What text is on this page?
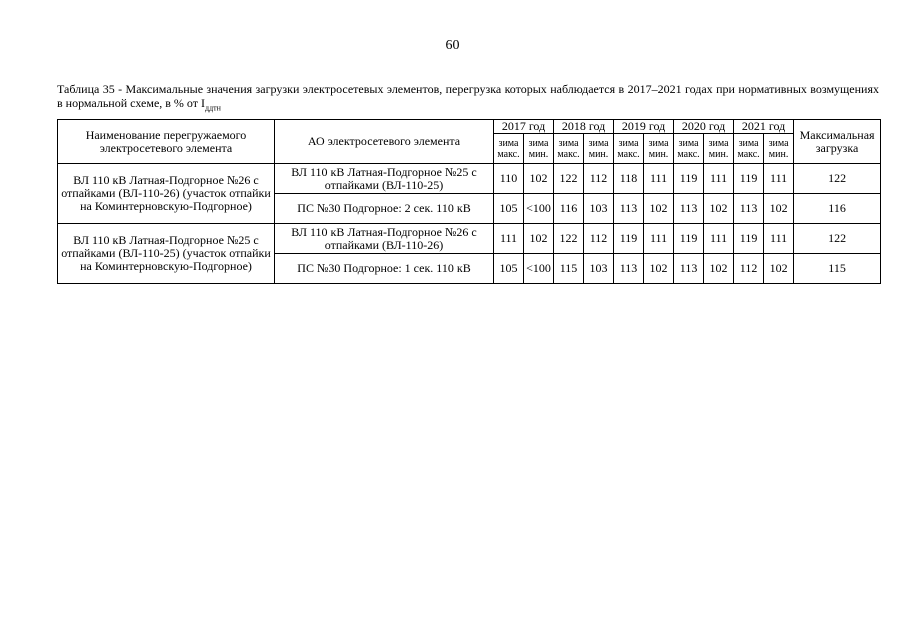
60
Таблица 35 - Максимальные значения загрузки электросетевых элементов, перегрузка которых наблюдается в 2017–2021 годах при нормативных возмущениях в нормальной схеме, в % от $I_{ддтн}$
Наименование перегружаемого электросетевого элемента	АО электросетевого элемента	2017 год		2018 год		2019 год		2020 год		2021 год		Максимальная загрузка
		зима макс.	зима мин.	зима макс.	зима мин.	зима макс.	зима мин.	зима макс.	зима мин.	зима макс.	зима мин.	
ВЛ 110 кВ Латная-Подгорное №26 с отпайками (ВЛ-110-26) (участок отпайки на Коминтерновскую-Подгорное)	ВЛ 110 кВ Латная-Подгорное №25 с отпайками (ВЛ-110-25)	110	102	122	112	118	111	119	111	119	111	122
	ПС №30 Подгорное: 2 сек. 110 кВ	105	<100	116	103	113	102	113	102	113	102	116
ВЛ 110 кВ Латная-Подгорное №25 с отпайками (ВЛ-110-25) (участок отпайки на Коминтерновскую-Подгорное)	ВЛ 110 кВ Латная-Подгорное №26 с отпайками (ВЛ-110-26)	111	102	122	112	119	111	119	111	119	111	122
	ПС №30 Подгорное: 1 сек. 110 кВ	105	<100	115	103	113	102	113	102	112	102	115
